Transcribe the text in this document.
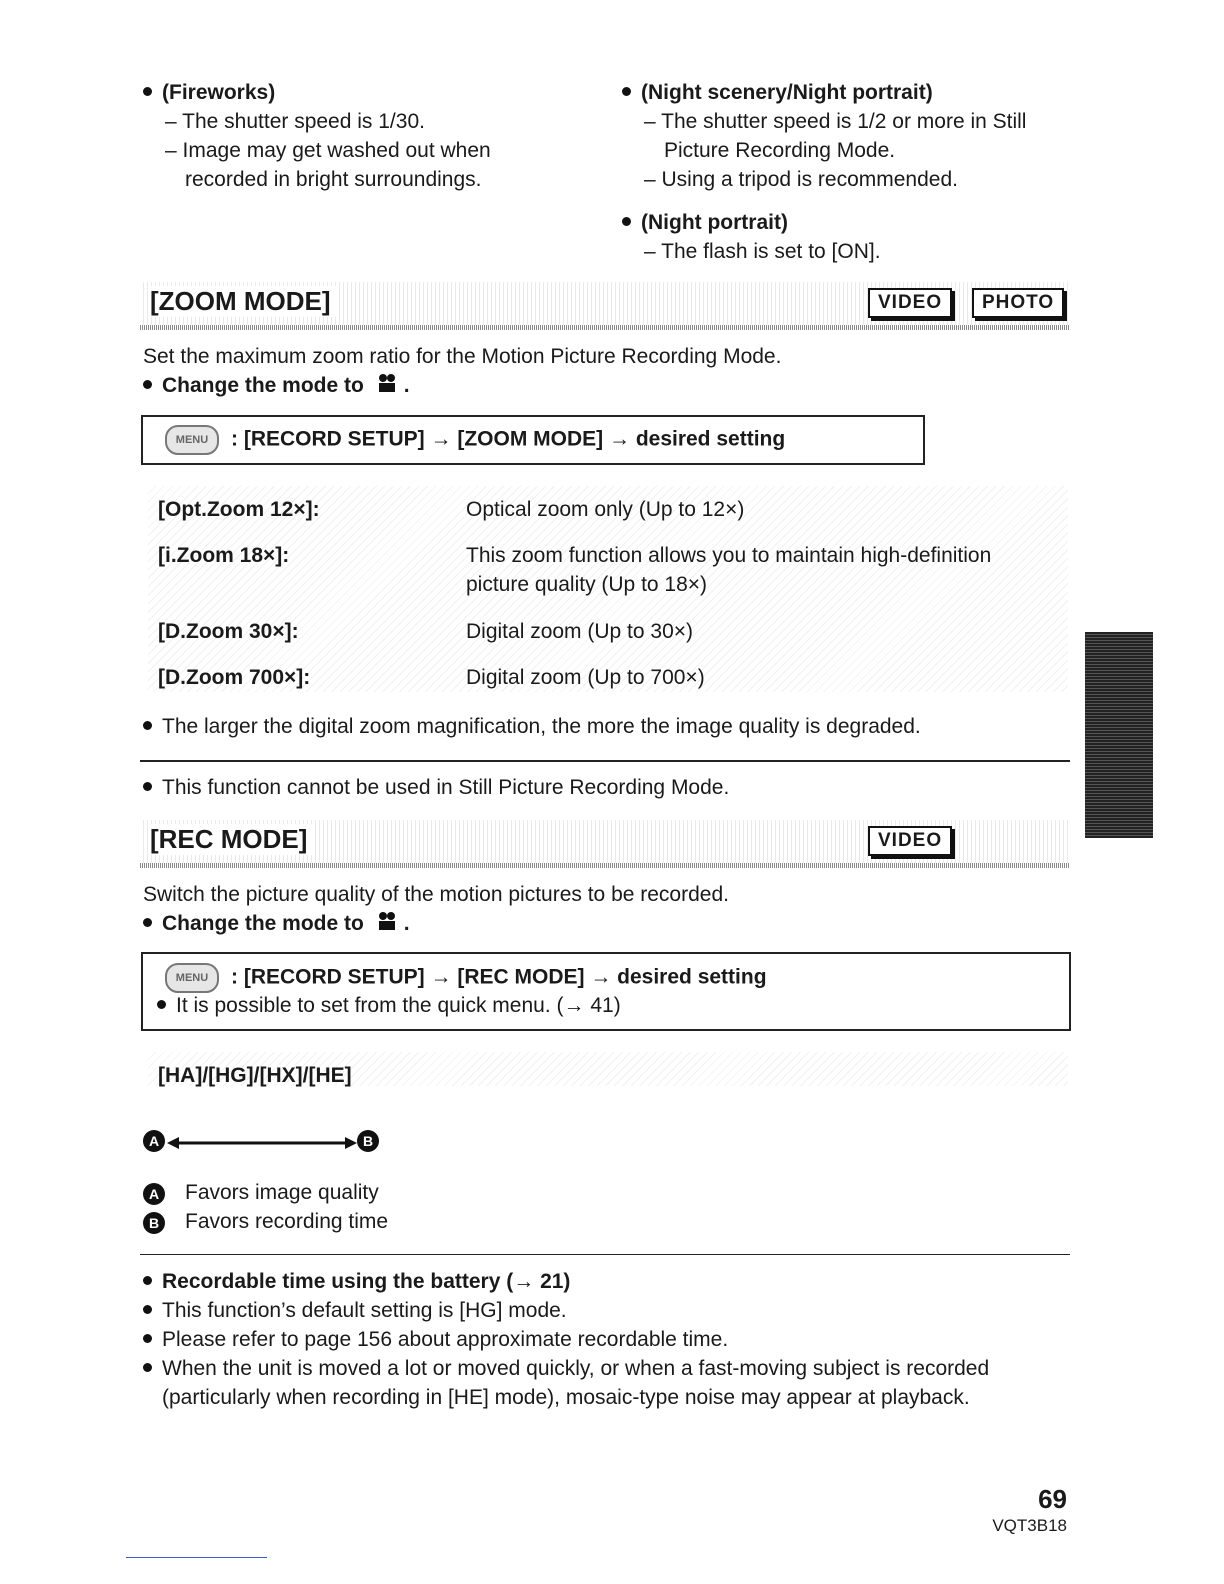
(Fireworks)
– The shutter speed is 1/30.
– Image may get washed out when recorded in bright surroundings.
(Night scenery/Night portrait)
– The shutter speed is 1/2 or more in Still Picture Recording Mode.
– Using a tripod is recommended.
(Night portrait)
– The flash is set to [ON].
[ZOOM MODE]	VIDEO	PHOTO
Set the maximum zoom ratio for the Motion Picture Recording Mode.
Change the mode to .
MENU : [RECORD SETUP] → [ZOOM MODE] → desired setting
[Opt.Zoom 12×]:	Optical zoom only (Up to 12×)
[i.Zoom 18×]:	This zoom function allows you to maintain high-definition
picture quality (Up to 18×)
[D.Zoom 30×]:	Digital zoom (Up to 30×)
[D.Zoom 700×]:	Digital zoom (Up to 700×)
The larger the digital zoom magnification, the more the image quality is degraded.
This function cannot be used in Still Picture Recording Mode.
[REC MODE]	VIDEO
Switch the picture quality of the motion pictures to be recorded.
Change the mode to .
MENU : [RECORD SETUP] → [REC MODE] → desired setting
It is possible to set from the quick menu. (→ 41)
[HA]/[HG]/[HX]/[HE]
A	B
A Favors image quality
B Favors recording time
Recordable time using the battery (→ 21)
This function’s default setting is [HG] mode.
Please refer to page 156 about approximate recordable time.
When the unit is moved a lot or moved quickly, or when a fast-moving subject is recorded
(particularly when recording in [HE] mode), mosaic-type noise may appear at playback.
69
VQT3B18
